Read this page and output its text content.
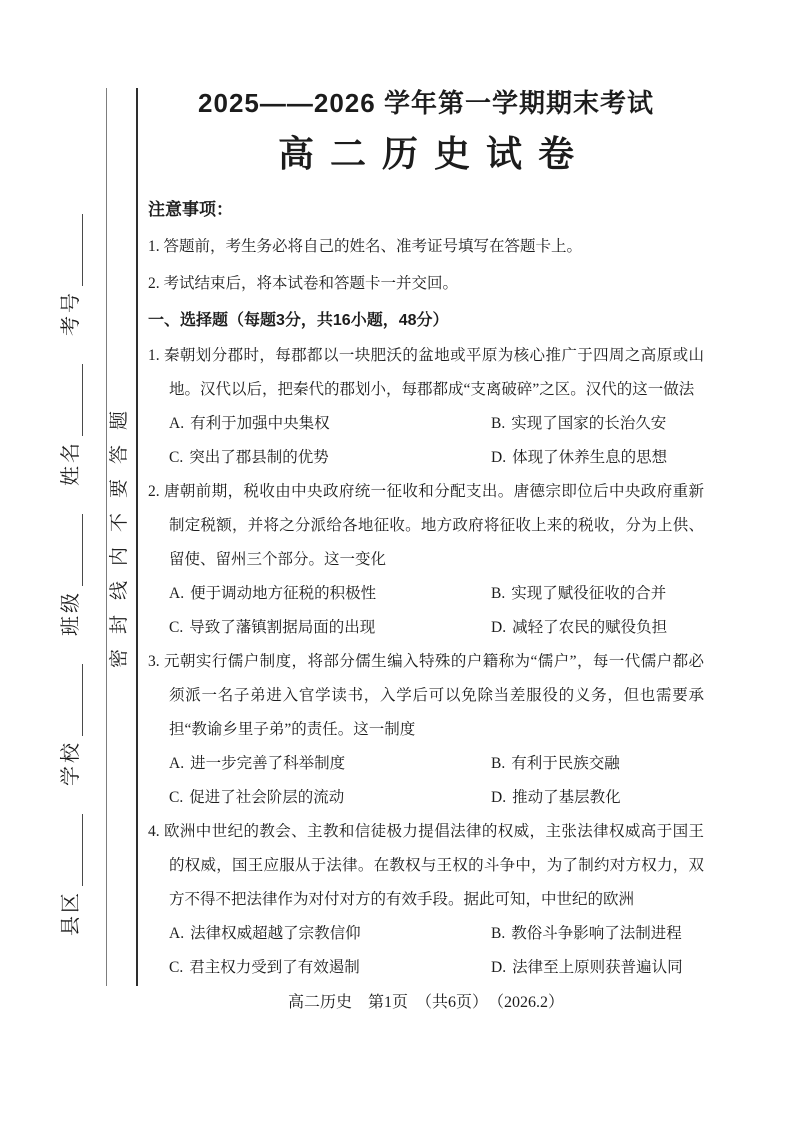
县区
学校
班级
姓名
考号
密封线内不要答题
2025——2026 学年第一学期期末考试
高二历史试卷
注意事项：
1. 答题前，考生务必将自己的姓名、准考证号填写在答题卡上。
2. 考试结束后，将本试卷和答题卡一并交回。
一、选择题（每题3分，共16小题，48分）
1. 秦朝划分郡时，每郡都以一块肥沃的盆地或平原为核心推广于四周之高原或山地。汉代以后，把秦代的郡划小，每郡都成“支离破碎”之区。汉代的这一做法
A. 有利于加强中央集权	B. 实现了国家的长治久安
C. 突出了郡县制的优势	D. 体现了休养生息的思想
2. 唐朝前期，税收由中央政府统一征收和分配支出。唐德宗即位后中央政府重新制定税额，并将之分派给各地征收。地方政府将征收上来的税收，分为上供、留使、留州三个部分。这一变化
A. 便于调动地方征税的积极性	B. 实现了赋役征收的合并
C. 导致了藩镇割据局面的出现	D. 减轻了农民的赋役负担
3. 元朝实行儒户制度，将部分儒生编入特殊的户籍称为“儒户”，每一代儒户都必须派一名子弟进入官学读书，入学后可以免除当差服役的义务，但也需要承担“教谕乡里子弟”的责任。这一制度
A. 进一步完善了科举制度	B. 有利于民族交融
C. 促进了社会阶层的流动	D. 推动了基层教化
4. 欧洲中世纪的教会、主教和信徒极力提倡法律的权威，主张法律权威高于国王的权威，国王应服从于法律。在教权与王权的斗争中，为了制约对方权力，双方不得不把法律作为对付对方的有效手段。据此可知，中世纪的欧洲
A. 法律权威超越了宗教信仰	B. 教俗斗争影响了法制进程
C. 君主权力受到了有效遏制	D. 法律至上原则获普遍认同
高二历史　第1页　（共6页）　（2026.2）
